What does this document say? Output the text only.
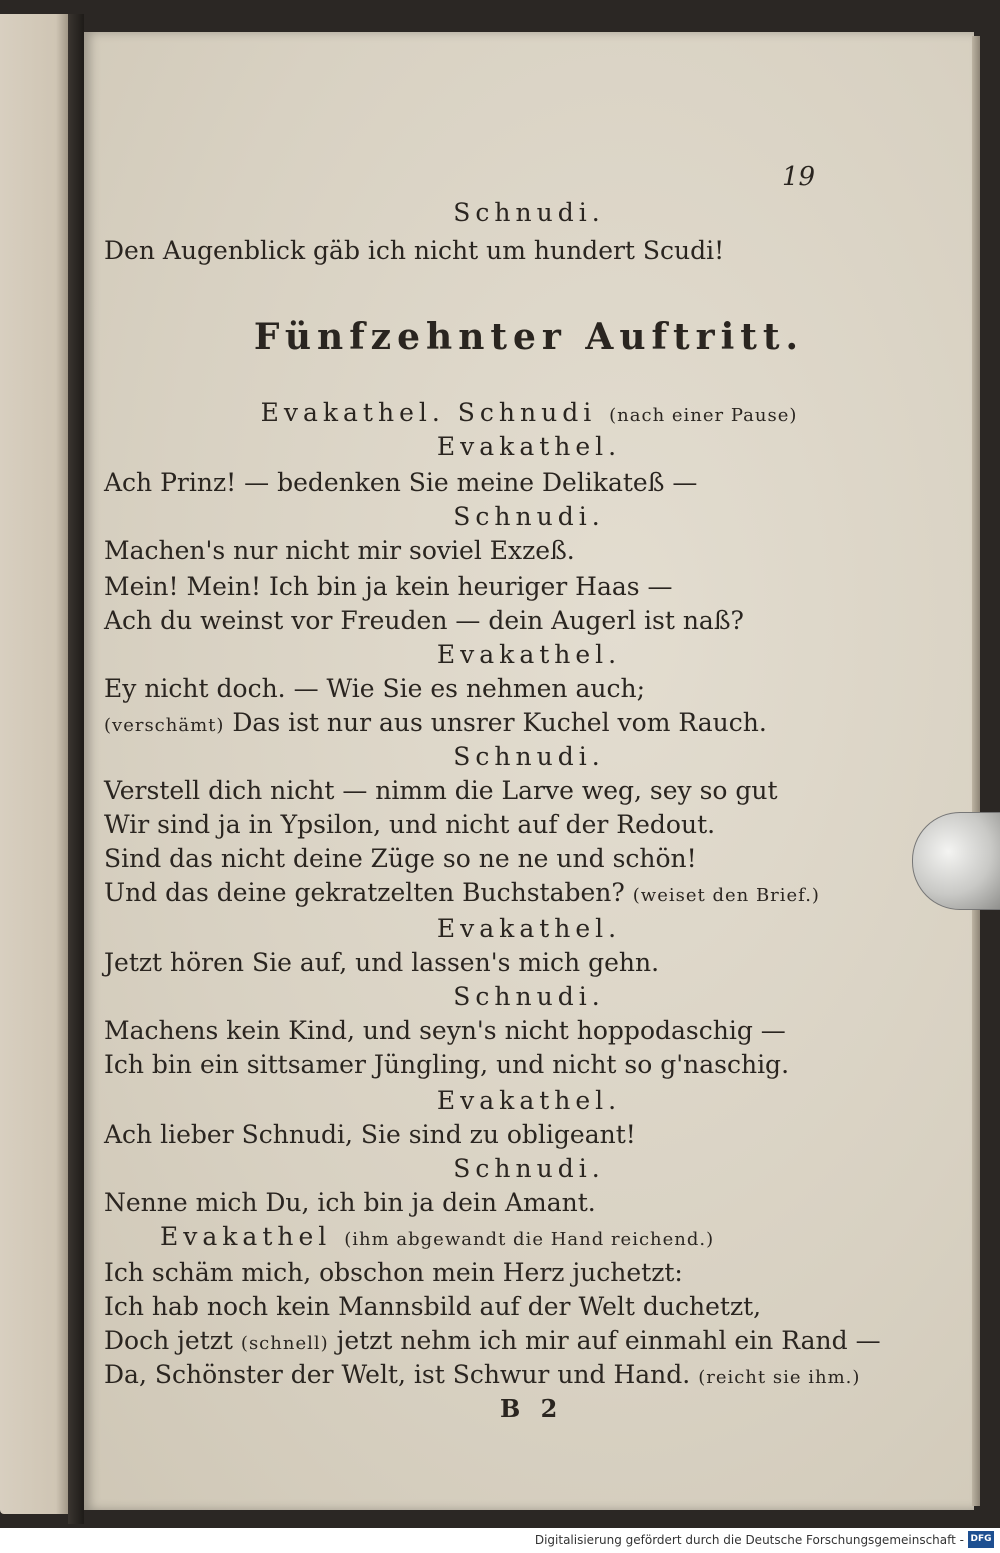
19
Schnudi.
Den Augenblick gäb ich nicht um hundert Scudi!
Fünfzehnter Auftritt.
Evakathel. Schnudi (nach einer Pause)
Evakathel.
Ach Prinz! — bedenken Sie meine Delikateß —
Schnudi.
Machen's nur nicht mir soviel Exzeß.
Mein! Mein! Ich bin ja kein heuriger Haas —
Ach du weinst vor Freuden — dein Augerl ist naß?
Evakathel.
Ey nicht doch. — Wie Sie es nehmen auch;
(verschämt) Das ist nur aus unsrer Kuchel vom Rauch.
Schnudi.
Verstell dich nicht — nimm die Larve weg, sey so gut
Wir sind ja in Ypsilon, und nicht auf der Redout.
Sind das nicht deine Züge so ne ne und schön!
Und das deine gekratzelten Buchstaben? (weiset den Brief.)
Evakathel.
Jetzt hören Sie auf, und lassen's mich gehn.
Schnudi.
Machens kein Kind, und seyn's nicht hoppodaschig —
Ich bin ein sittsamer Jüngling, und nicht so g'naschig.
Evakathel.
Ach lieber Schnudi, Sie sind zu obligeant!
Schnudi.
Nenne mich Du, ich bin ja dein Amant.
Evakathel (ihm abgewandt die Hand reichend.)
Ich schäm mich, obschon mein Herz juchetzt:
Ich hab noch kein Mannsbild auf der Welt duchetzt,
Doch jetzt (schnell) jetzt nehm ich mir auf einmahl ein Rand —
Da, Schönster der Welt, ist Schwur und Hand. (reicht sie ihm.)
B 2
Digitalisierung gefördert durch die Deutsche Forschungsgemeinschaft - DFG
